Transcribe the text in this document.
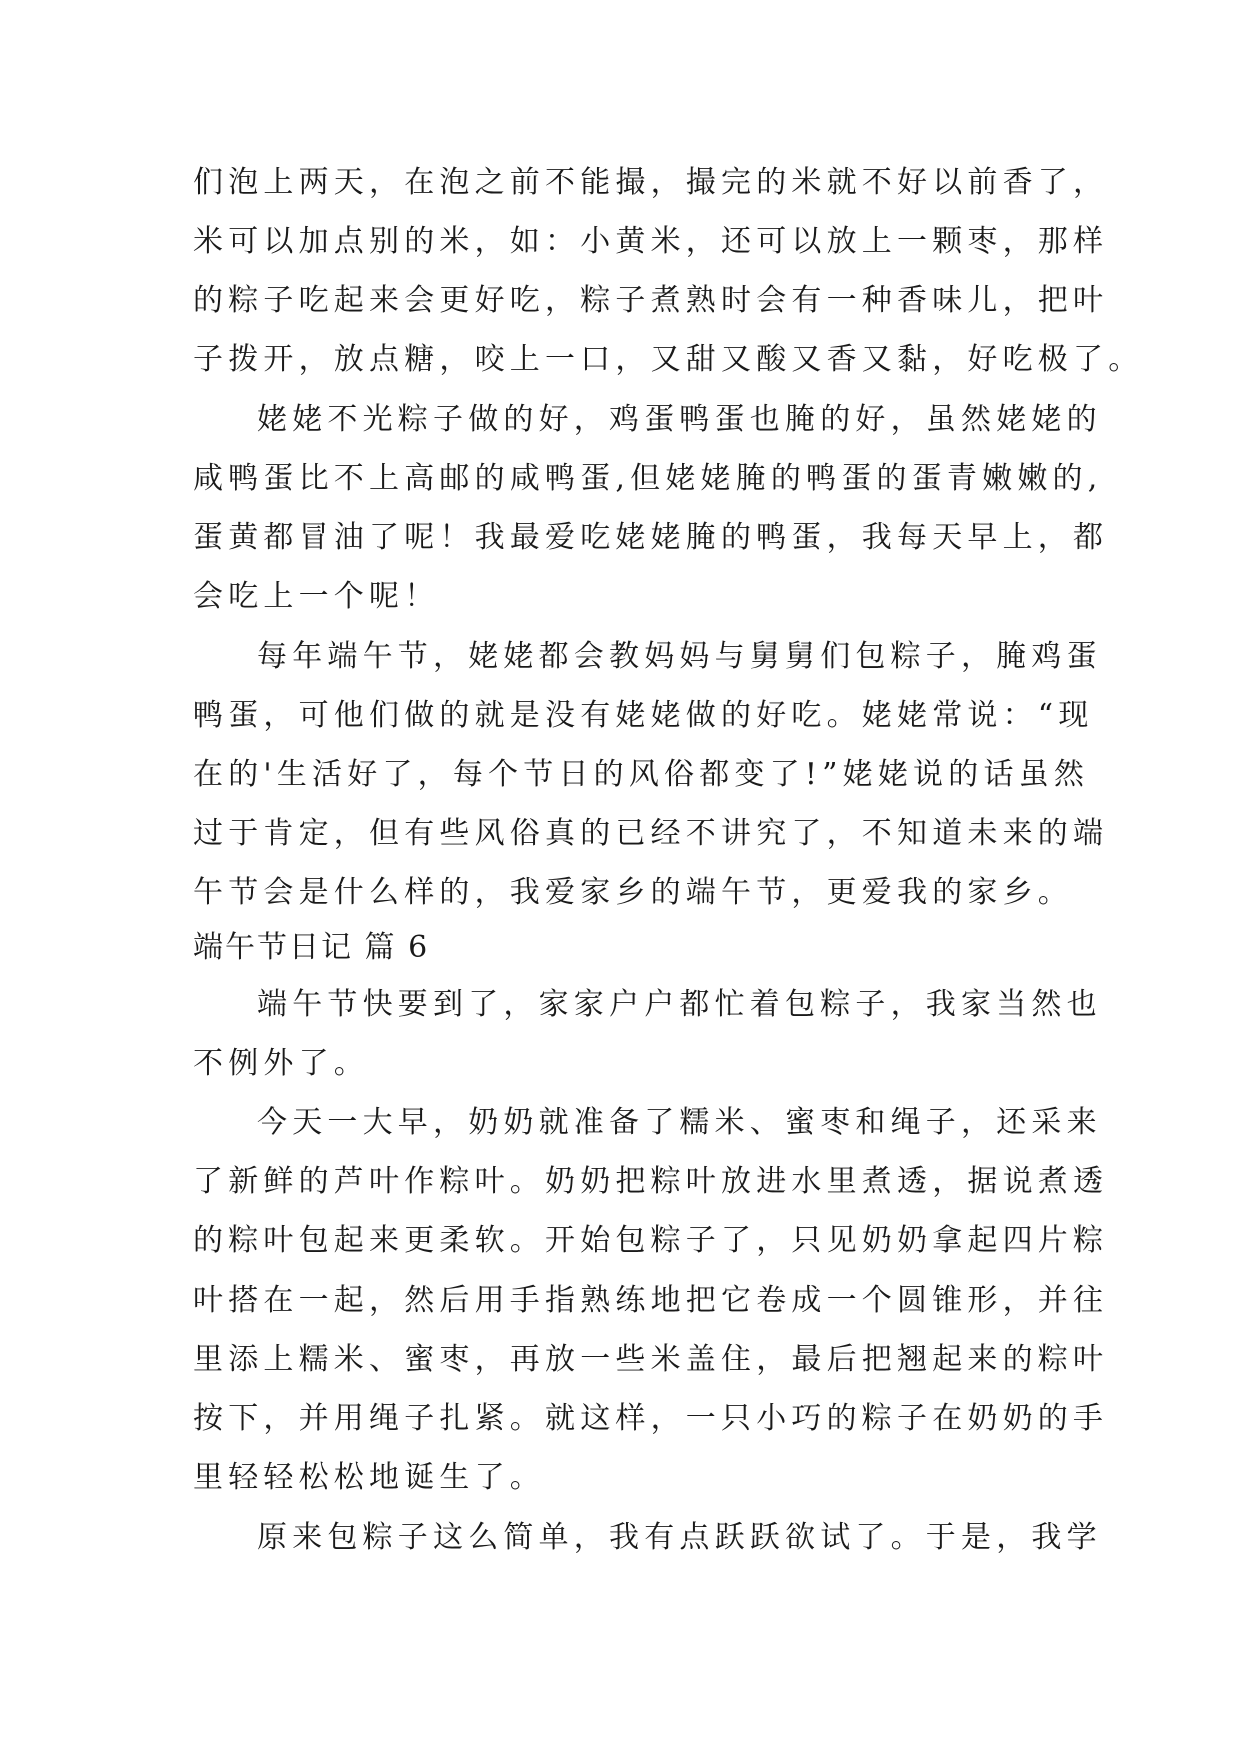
们泡上两天，在泡之前不能撮，撮完的米就不好以前香了，
米可以加点别的米，如：小黄米，还可以放上一颗枣，那样
的粽子吃起来会更好吃，粽子煮熟时会有一种香味儿，把叶
子拨开，放点糖，咬上一口，又甜又酸又香又黏，好吃极了。
姥姥不光粽子做的好，鸡蛋鸭蛋也腌的好，虽然姥姥的
咸鸭蛋比不上高邮的咸鸭蛋,但姥姥腌的鸭蛋的蛋青嫩嫩的,
蛋黄都冒油了呢！我最爱吃姥姥腌的鸭蛋，我每天早上，都
会吃上一个呢！
每年端午节，姥姥都会教妈妈与舅舅们包粽子，腌鸡蛋
鸭蛋，可他们做的就是没有姥姥做的好吃。姥姥常说：“现
在的'生活好了，每个节日的风俗都变了!”姥姥说的话虽然
过于肯定，但有些风俗真的已经不讲究了，不知道未来的端
午节会是什么样的，我爱家乡的端午节，更爱我的家乡。
端午节日记 篇 6
端午节快要到了，家家户户都忙着包粽子，我家当然也
不例外了。
今天一大早，奶奶就准备了糯米、蜜枣和绳子，还采来
了新鲜的芦叶作粽叶。奶奶把粽叶放进水里煮透，据说煮透
的粽叶包起来更柔软。开始包粽子了，只见奶奶拿起四片粽
叶搭在一起，然后用手指熟练地把它卷成一个圆锥形，并往
里添上糯米、蜜枣，再放一些米盖住，最后把翘起来的粽叶
按下，并用绳子扎紧。就这样，一只小巧的粽子在奶奶的手
里轻轻松松地诞生了。
原来包粽子这么简单，我有点跃跃欲试了。于是，我学
